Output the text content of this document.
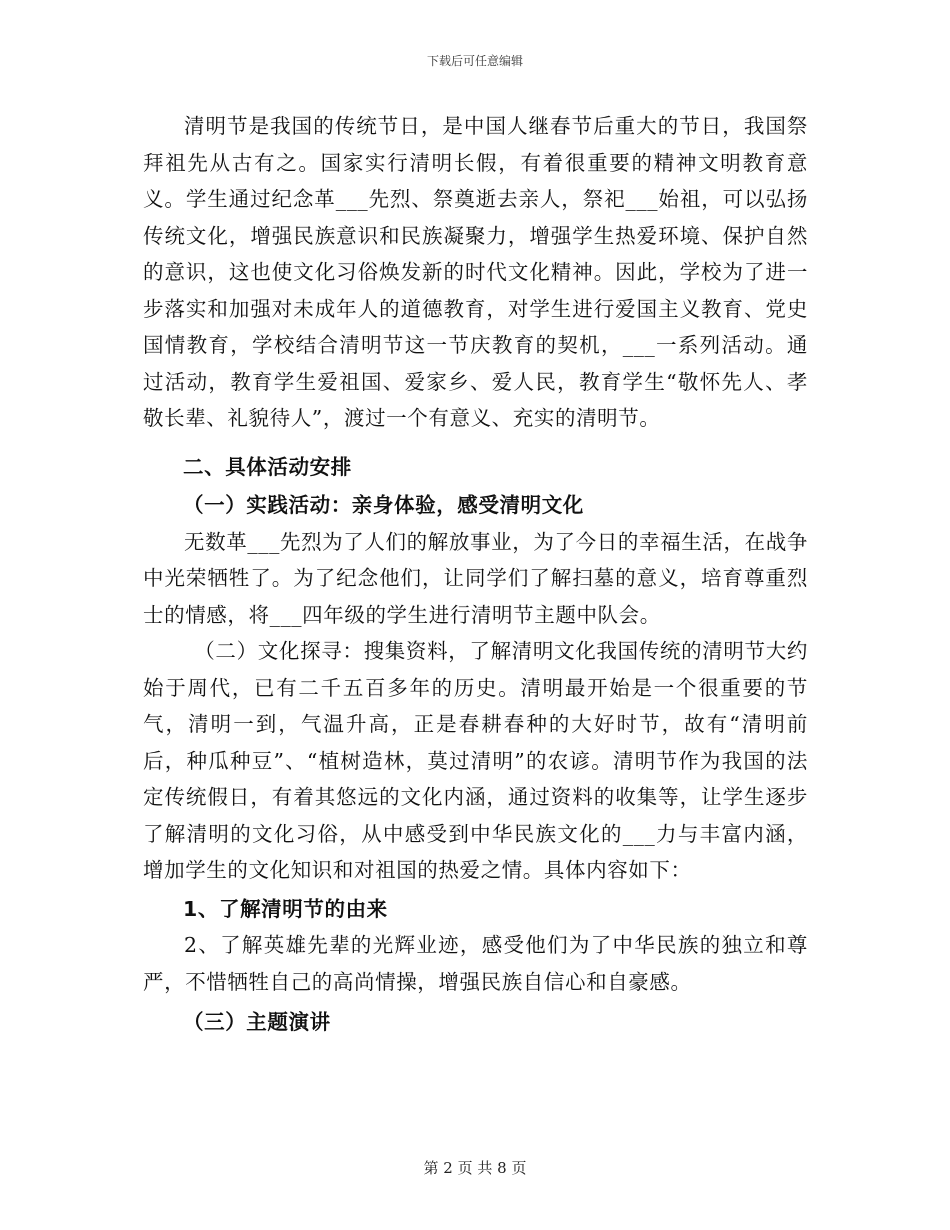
下载后可任意编辑

清明节是我国的传统节日，是中国人继春节后重大的节日，我国祭拜祖先从古有之。国家实行清明长假，有着很重要的精神文明教育意义。学生通过纪念革___先烈、祭奠逝去亲人，祭祀___始祖，可以弘扬传统文化，增强民族意识和民族凝聚力，增强学生热爱环境、保护自然的意识，这也使文化习俗焕发新的时代文化精神。因此，学校为了进一步落实和加强对未成年人的道德教育，对学生进行爱国主义教育、党史国情教育，学校结合清明节这一节庆教育的契机，___一系列活动。通过活动，教育学生爱祖国、爱家乡、爱人民，教育学生“敬怀先人、孝敬长辈、礼貌待人”，渡过一个有意义、充实的清明节。

二、具体活动安排
（一）实践活动：亲身体验，感受清明文化

无数革___先烈为了人们的解放事业，为了今日的幸福生活，在战争中光荣牺牲了。为了纪念他们，让同学们了解扫墓的意义，培育尊重烈士的情感，将___四年级的学生进行清明节主题中队会。

（二）文化探寻：搜集资料，了解清明文化我国传统的清明节大约始于周代，已有二千五百多年的历史。清明最开始是一个很重要的节气，清明一到，气温升高，正是春耕春种的大好时节，故有“清明前后，种瓜种豆”、“植树造林，莫过清明”的农谚。清明节作为我国的法定传统假日，有着其悠远的文化内涵，通过资料的收集等，让学生逐步了解清明的文化习俗，从中感受到中华民族文化的___力与丰富内涵，增加学生的文化知识和对祖国的热爱之情。具体内容如下：

1、了解清明节的由来

2、了解英雄先辈的光辉业迹，感受他们为了中华民族的独立和尊严，不惜牺牲自己的高尚情操，增强民族自信心和自豪感。

（三）主题演讲
第 2 页 共 8 页
